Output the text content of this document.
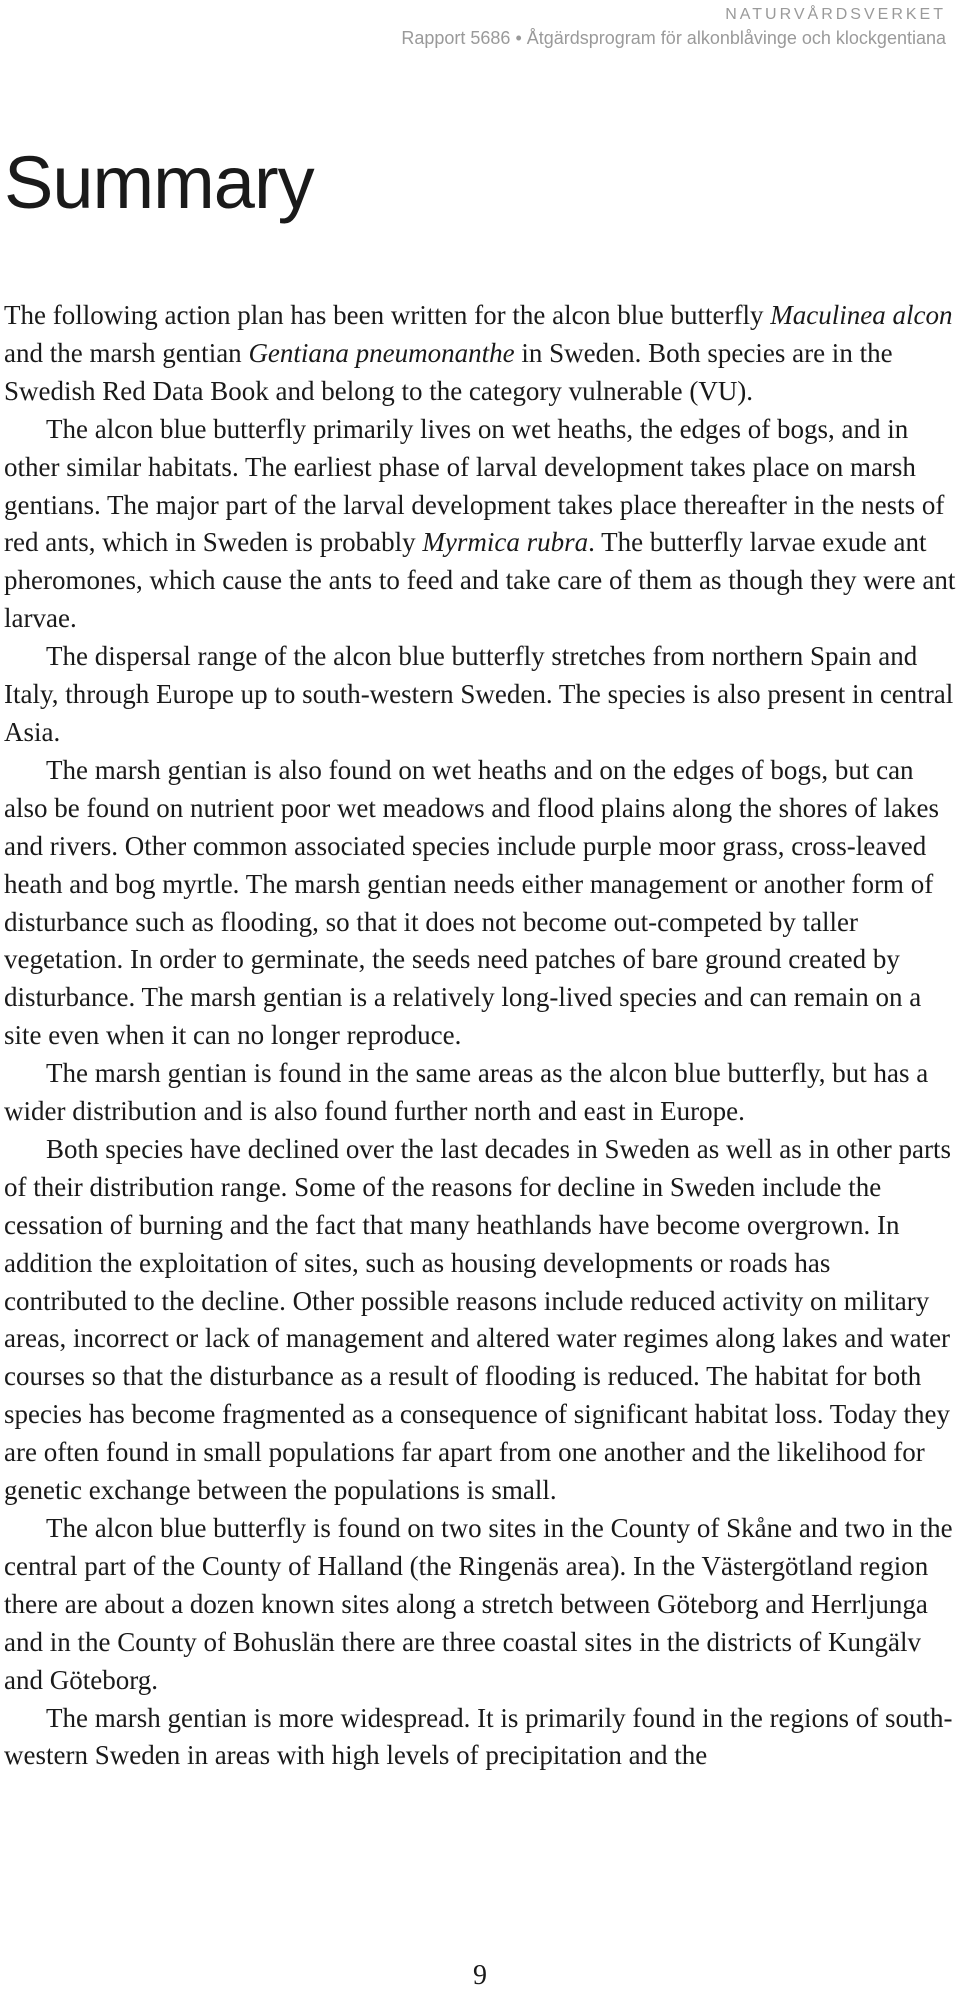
NATURVÅRDSVERKET
Rapport 5686 • Åtgärdsprogram för alkonblåvinge och klockgentiana
Summary

The following action plan has been written for the alcon blue butterfly Maculinea alcon and the marsh gentian Gentiana pneumonanthe in Sweden. Both species are in the Swedish Red Data Book and belong to the category vulnerable (VU).

The alcon blue butterfly primarily lives on wet heaths, the edges of bogs, and in other similar habitats. The earliest phase of larval development takes place on marsh gentians. The major part of the larval development takes place thereafter in the nests of red ants, which in Sweden is probably Myrmica rubra. The butterfly larvae exude ant pheromones, which cause the ants to feed and take care of them as though they were ant larvae.

The dispersal range of the alcon blue butterfly stretches from northern Spain and Italy, through Europe up to south-western Sweden. The species is also present in central Asia.

The marsh gentian is also found on wet heaths and on the edges of bogs, but can also be found on nutrient poor wet meadows and flood plains along the shores of lakes and rivers. Other common associated species include purple moor grass, cross-leaved heath and bog myrtle. The marsh gentian needs either management or another form of disturbance such as flooding, so that it does not become out-competed by taller vegetation. In order to germinate, the seeds need patches of bare ground created by disturbance. The marsh gentian is a relatively long-lived species and can remain on a site even when it can no longer reproduce.

The marsh gentian is found in the same areas as the alcon blue butterfly, but has a wider distribution and is also found further north and east in Europe.

Both species have declined over the last decades in Sweden as well as in other parts of their distribution range. Some of the reasons for decline in Sweden include the cessation of burning and the fact that many heathlands have become overgrown. In addition the exploitation of sites, such as housing developments or roads has contributed to the decline. Other possible reasons include reduced activity on military areas, incorrect or lack of management and altered water regimes along lakes and water courses so that the disturbance as a result of flooding is reduced. The habitat for both species has become fragmented as a consequence of significant habitat loss. Today they are often found in small populations far apart from one another and the likelihood for genetic exchange between the populations is small.

The alcon blue butterfly is found on two sites in the County of Skåne and two in the central part of the County of Halland (the Ringenäs area). In the Västergötland region there are about a dozen known sites along a stretch between Göteborg and Herrljunga and in the County of Bohuslän there are three coastal sites in the districts of Kungälv and Göteborg.

The marsh gentian is more widespread. It is primarily found in the regions of south-western Sweden in areas with high levels of precipitation and the

9
